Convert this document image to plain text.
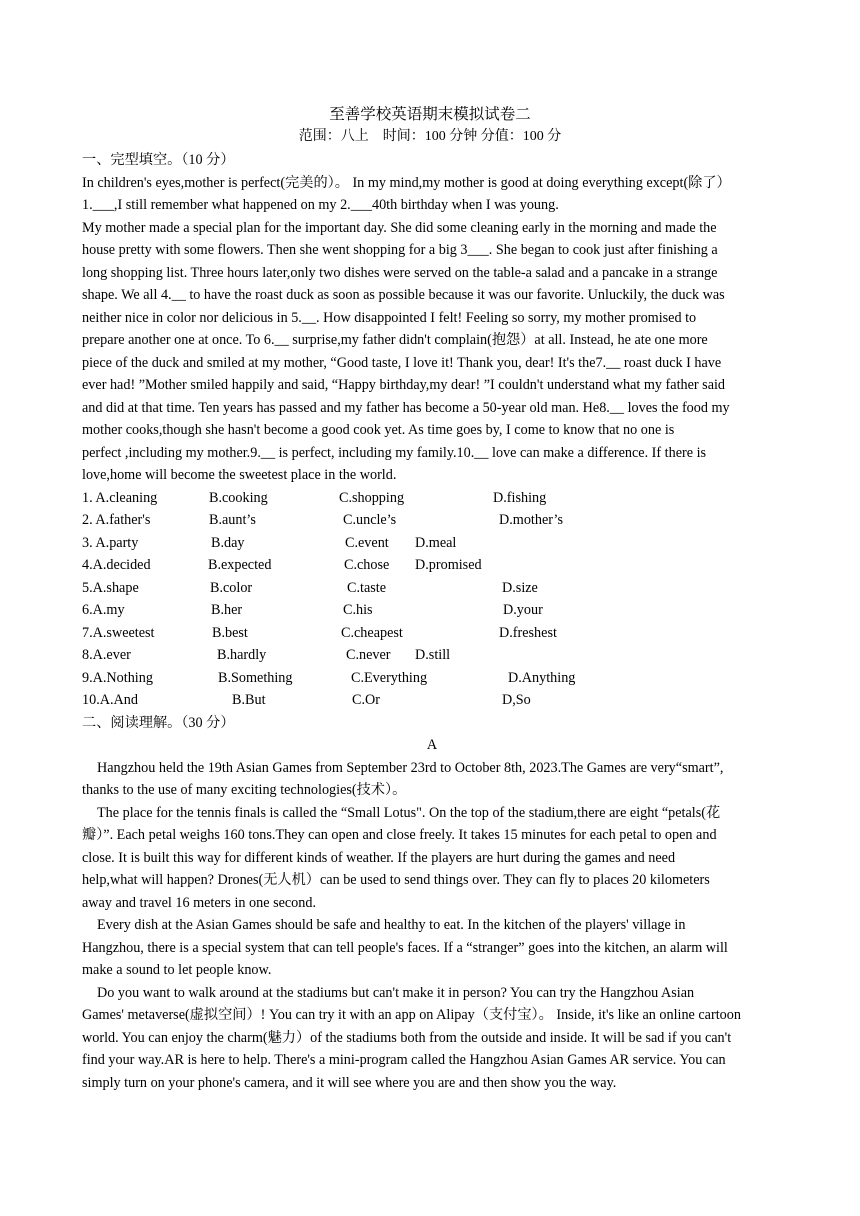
至善学校英语期末模拟试卷二
范围：八上　时间：100 分钟 分值：100 分
一、完型填空。（10 分）
In children's eyes,mother is perfect(完美的）。 In my mind,my mother is good at doing everything except(除了）
1.___,I still remember what happened on my 2.___40th birthday when I was young.
My mother made a special plan for the important day. She did some cleaning early in the morning and made the
house pretty with some flowers. Then she went shopping for a big 3___. She began to cook just after finishing a
long shopping list. Three hours later,only two dishes were served on the table-a salad and a pancake in a strange
shape. We all 4.__ to have the roast duck as soon as possible because it was our favorite. Unluckily, the duck was
neither nice in color nor delicious in 5.__. How disappointed I felt! Feeling so sorry, my mother promised to
prepare another one at once. To 6.__ surprise,my father didn't complain(抱怨）at all. Instead, he ate one more
piece of the duck and smiled at my mother, “Good taste, I love it! Thank you, dear! It's the7.__ roast duck I have
ever had! ”Mother smiled happily and said, “Happy birthday,my dear! ”I couldn't understand what my father said
and did at that time. Ten years has passed and my father has become a 50-year old man. He8.__ loves the food my
mother cooks,though she hasn't become a good cook yet. As time goes by, I come to know that no one is
perfect ,including my mother.9.__ is perfect, including my family.10.__ love can make a difference. If there is
love,home will become the sweetest place in the world.
1. A.cleaning	B.cooking	C.shopping	D.fishing
2. A.father's	B.aunt’s	C.uncle’s	D.mother’s
3. A.party	B.day	C.event D.meal
4.A.decided	B.expected	C.chose D.promised
5.A.shape	B.color	C.taste	D.size
6.A.my	B.her	C.his	D.your
7.A.sweetest	B.best	C.cheapest	D.freshest
8.A.ever	B.hardly	C.never D.still
9.A.Nothing	B.Something	C.Everything	D.Anything
10.A.And	B.But	C.Or	D,So
二、阅读理解。（30 分）
A
Hangzhou held the 19th Asian Games from September 23rd to October 8th, 2023.The Games are very“smart”,
thanks to the use of many exciting technologies(技术）。
The place for the tennis finals is called the “Small Lotus". On the top of the stadium,there are eight “petals(花
瓣）”. Each petal weighs 160 tons.They can open and close freely. It takes 15 minutes for each petal to open and
close. It is built this way for different kinds of weather. If the players are hurt during the games and need
help,what will happen? Drones(无人机）can be used to send things over. They can fly to places 20 kilometers
away and travel 16 meters in one second.
Every dish at the Asian Games should be safe and healthy to eat. In the kitchen of the players' village in
Hangzhou, there is a special system that can tell people's faces. If a “stranger” goes into the kitchen, an alarm will
make a sound to let people know.
Do you want to walk around at the stadiums but can't make it in person? You can try the Hangzhou Asian
Games' metaverse(虚拟空间）! You can try it with an app on Alipay（支付宝）。 Inside, it's like an online cartoon
world. You can enjoy the charm(魅力）of the stadiums both from the outside and inside. It will be sad if you can't
find your way.AR is here to help. There's a mini-program called the Hangzhou Asian Games AR service. You can
simply turn on your phone's camera, and it will see where you are and then show you the way.
